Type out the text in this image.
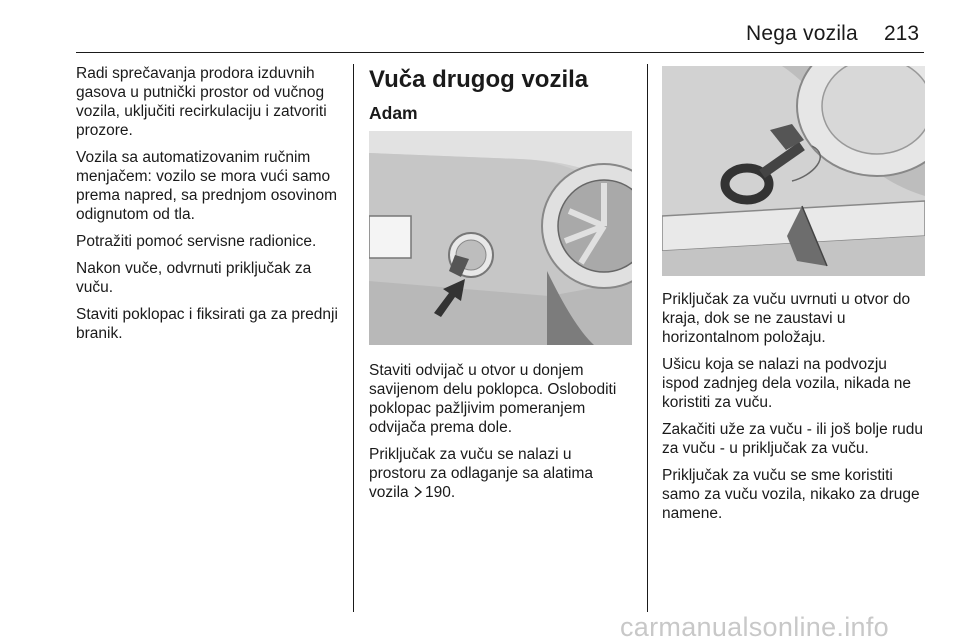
Nega vozila 213

Radi sprečavanja prodora izduvnih gasova u putnički prostor od vučnog vozila, uključiti recirkulaciju i zatvoriti prozore.

Vozila sa automatizovanim ručnim menjačem: vozilo se mora vući samo prema napred, sa prednjom osovinom odignutom od tla.

Potražiti pomoć servisne radionice.

Nakon vuče, odvrnuti priključak za vuču.

Staviti poklopac i fiksirati ga za prednji branik.

Vuča drugog vozila
Adam

Staviti odvijač u otvor u donjem savijenom delu poklopca. Osloboditi poklopac pažljivim pomeranjem odvijača prema dole.

Priključak za vuču se nalazi u prostoru za odlaganje sa alatima vozila 190.

Priključak za vuču uvrnuti u otvor do kraja, dok se ne zaustavi u horizontalnom položaju.

Ušicu koja se nalazi na podvozju ispod zadnjeg dela vozila, nikada ne koristiti za vuču.

Zakačiti uže za vuču - ili još bolje rudu za vuču - u priključak za vuču.

Priključak za vuču se sme koristiti samo za vuču vozila, nikako za druge namene.

carmanualsonline.info
